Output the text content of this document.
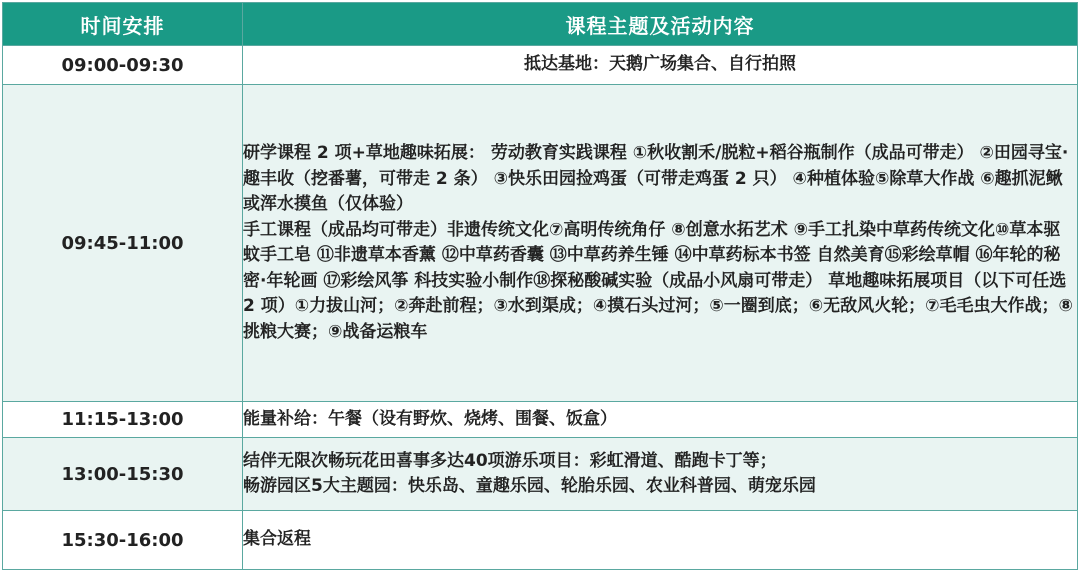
时间安排	课程主题及活动内容
09:00-09:30	抵达基地：天鹅广场集合、自行拍照

09:45-11:00	研学课程 2 项+草地趣味拓展： 劳动教育实践课程 ①秋收割禾/脱粒+稻谷瓶制作（成品可带走） ②田园寻宝·趣丰收（挖番薯，可带走 2 条） ③快乐田园捡鸡蛋（可带走鸡蛋 2 只） ④种植体验⑤除草大作战 ⑥趣抓泥鳅或浑水摸鱼（仅体验）
手工课程（成品均可带走）非遗传统文化⑦高明传统角仔 ⑧创意水拓艺术 ⑨手工扎染中草药传统文化⑩草本驱蚊手工皂 ⑪非遗草本香薰 ⑫中草药香囊 ⑬中草药养生锤 ⑭中草药标本书签 自然美育⑮彩绘草帽 ⑯年轮的秘密·年轮画 ⑰彩绘风筝 科技实验小制作⑱探秘酸碱实验（成品小风扇可带走） 草地趣味拓展项目（以下可任选 2 项）①力拔山河；②奔赴前程；③水到渠成；④摸石头过河；⑤一圈到底；⑥无敌风火轮；⑦毛毛虫大作战；⑧挑粮大赛；⑨战备运粮车

11:15-13:00	能量补给：午餐（设有野炊、烧烤、围餐、饭盒）

13:00-15:30	结伴无限次畅玩花田喜事多达40项游乐项目：彩虹滑道、酷跑卡丁等；
畅游园区5大主题园：快乐岛、童趣乐园、轮胎乐园、农业科普园、萌宠乐园

15:30-16:00	集合返程
